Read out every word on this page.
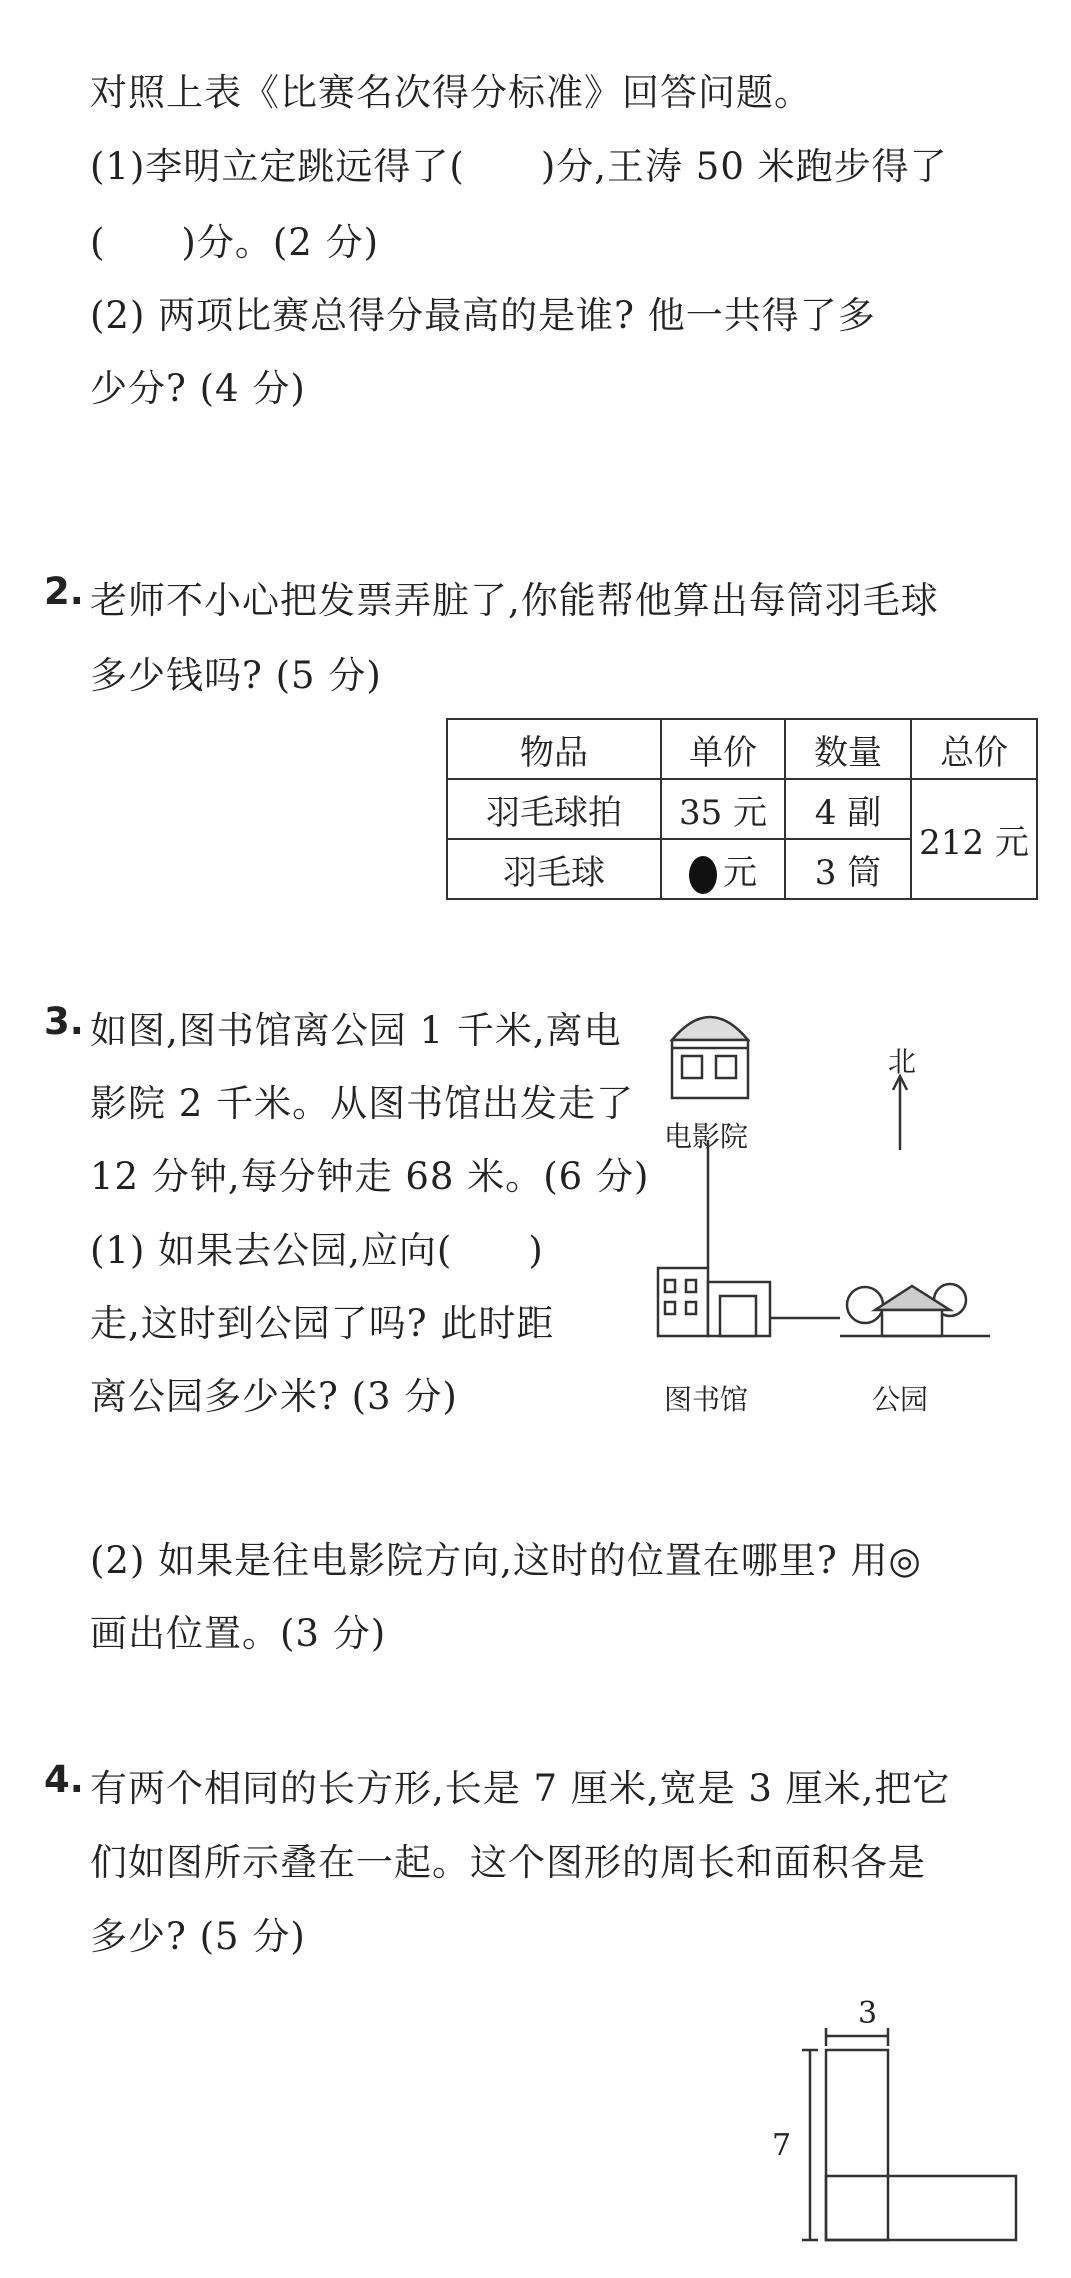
对照上表《比赛名次得分标准》回答问题。
(1)李明立定跳远得了(　　)分,王涛 50 米跑步得了
(　　)分。(2 分)
(2) 两项比赛总得分最高的是谁? 他一共得了多
少分? (4 分)
2. 老师不小心把发票弄脏了,你能帮他算出每筒羽毛球
多少钱吗? (5 分)
物品	单价	数量	总价
羽毛球拍	35 元	4 副	212 元
羽毛球	元	3 筒	
3. 如图,图书馆离公园 1 千米,离电
影院 2 千米。从图书馆出发走了
12 分钟,每分钟走 68 米。(6 分)
(1) 如果去公园,应向(　　)
走,这时到公园了吗? 此时距
离公园多少米? (3 分)
北
电影院
图书馆	公园
(2) 如果是往电影院方向,这时的位置在哪里? 用◎
画出位置。(3 分)
4. 有两个相同的长方形,长是 7 厘米,宽是 3 厘米,把它
们如图所示叠在一起。这个图形的周长和面积各是
多少? (5 分)
3
7
